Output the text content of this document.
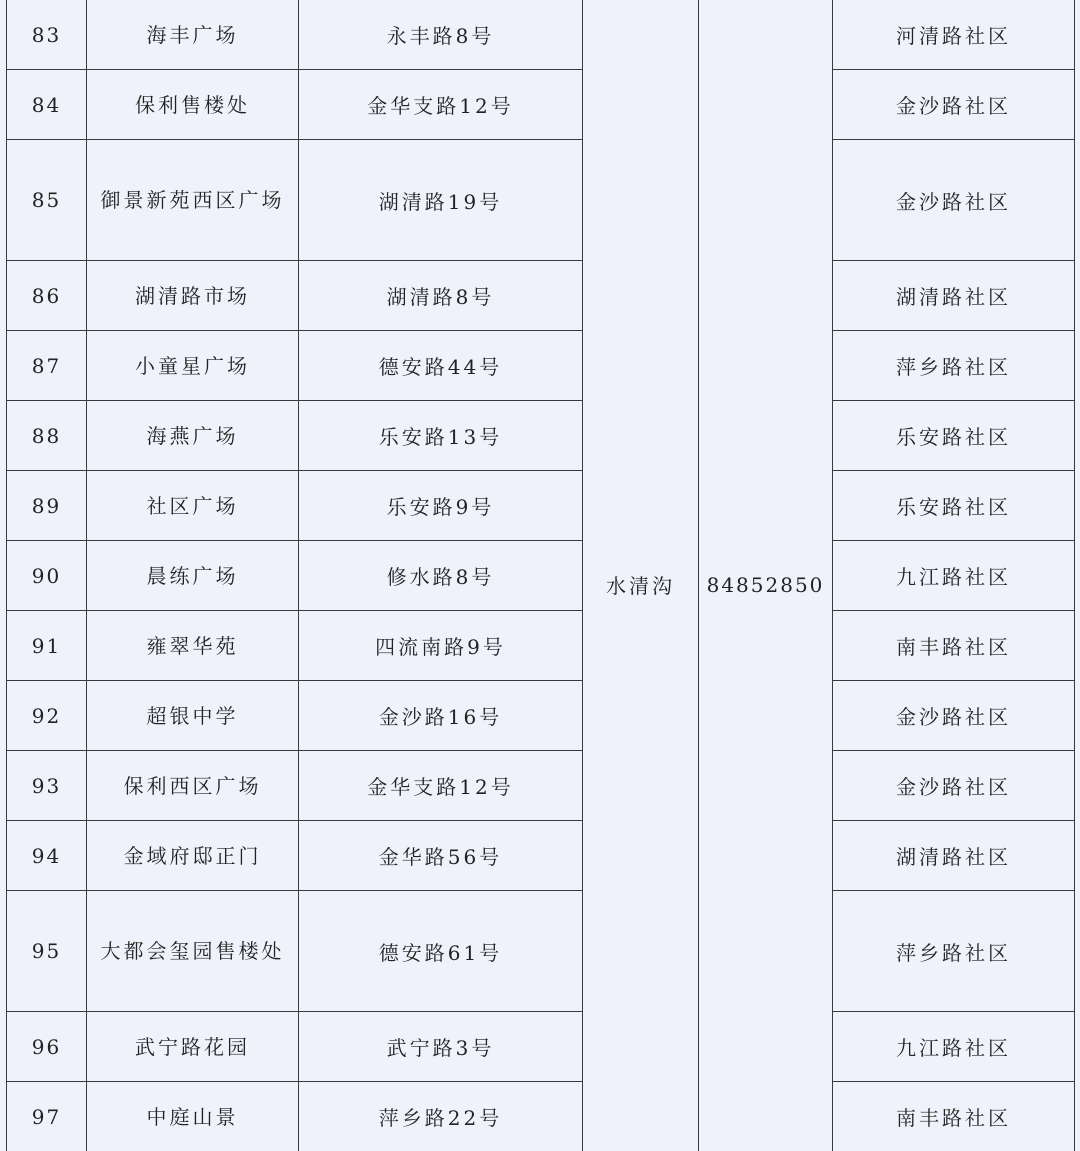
83	海丰广场	永丰路8号	水清沟	84852850	河清路社区
84	保利售楼处	金华支路12号			金沙路社区
85	御景新苑西区广场	湖清路19号			金沙路社区
86	湖清路市场	湖清路8号			湖清路社区
87	小童星广场	德安路44号			萍乡路社区
88	海燕广场	乐安路13号			乐安路社区
89	社区广场	乐安路9号			乐安路社区
90	晨练广场	修水路8号			九江路社区
91	雍翠华苑	四流南路9号			南丰路社区
92	超银中学	金沙路16号			金沙路社区
93	保利西区广场	金华支路12号			金沙路社区
94	金域府邸正门	金华路56号			湖清路社区
95	大都会玺园售楼处	德安路61号			萍乡路社区
96	武宁路花园	武宁路3号			九江路社区
97	中庭山景	萍乡路22号			南丰路社区
